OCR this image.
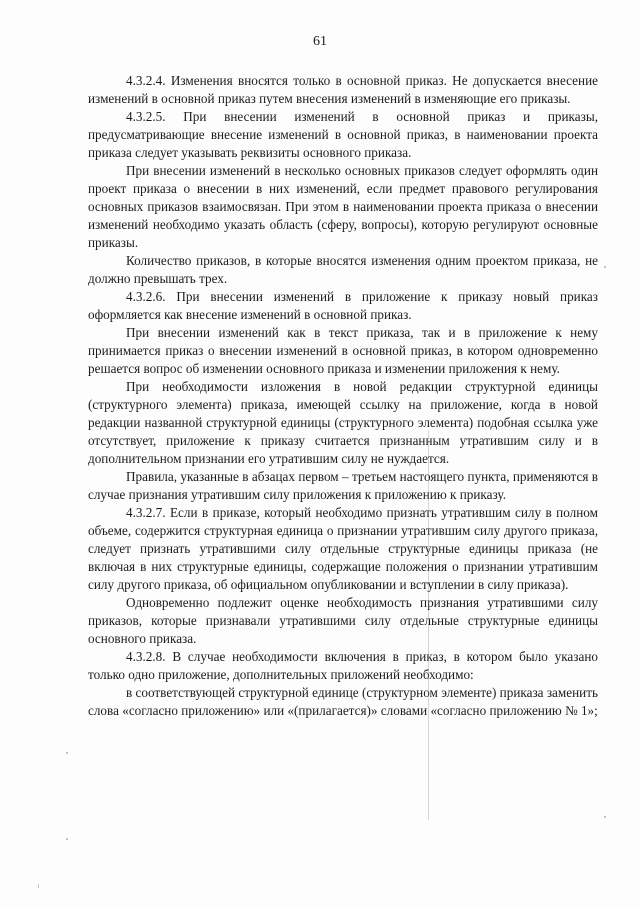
61

4.3.2.4. Изменения вносятся только в основной приказ. Не допускается внесение изменений в основной приказ путем внесения изменений в изменяющие его приказы.

4.3.2.5. При внесении изменений в основной приказ и приказы, предусматривающие внесение изменений в основной приказ, в наименовании проекта приказа следует указывать реквизиты основного приказа.

При внесении изменений в несколько основных приказов следует оформлять один проект приказа о внесении в них изменений, если предмет правового регулирования основных приказов взаимосвязан. При этом в наименовании проекта приказа о внесении изменений необходимо указать область (сферу, вопросы), которую регулируют основные приказы.

Количество приказов, в которые вносятся изменения одним проектом приказа, не должно превышать трех.

4.3.2.6. При внесении изменений в приложение к приказу новый приказ оформляется как внесение изменений в основной приказ.

При внесении изменений как в текст приказа, так и в приложение к нему принимается приказ о внесении изменений в основной приказ, в котором одновременно решается вопрос об изменении основного приказа и изменении приложения к нему.

При необходимости изложения в новой редакции структурной единицы (структурного элемента) приказа, имеющей ссылку на приложение, когда в новой редакции названной структурной единицы (структурного элемента) подобная ссылка уже отсутствует, приложение к приказу считается признанным утратившим силу и в дополнительном признании его утратившим силу не нуждается.

Правила, указанные в абзацах первом – третьем настоящего пункта, применяются в случае признания утратившим силу приложения к приложению к приказу.

4.3.2.7. Если в приказе, который необходимо признать утратившим силу в полном объеме, содержится структурная единица о признании утратившим силу другого приказа, следует признать утратившими силу отдельные структурные единицы приказа (не включая в них структурные единицы, содержащие положения о признании утратившим силу другого приказа, об официальном опубликовании и вступлении в силу приказа).

Одновременно подлежит оценке необходимость признания утратившими силу приказов, которые признавали утратившими силу отдельные структурные единицы основного приказа.

4.3.2.8. В случае необходимости включения в приказ, в котором было указано только одно приложение, дополнительных приложений необходимо:

в соответствующей структурной единице (структурном элементе) приказа заменить слова «согласно приложению» или «(прилагается)» словами «согласно приложению № 1»;
